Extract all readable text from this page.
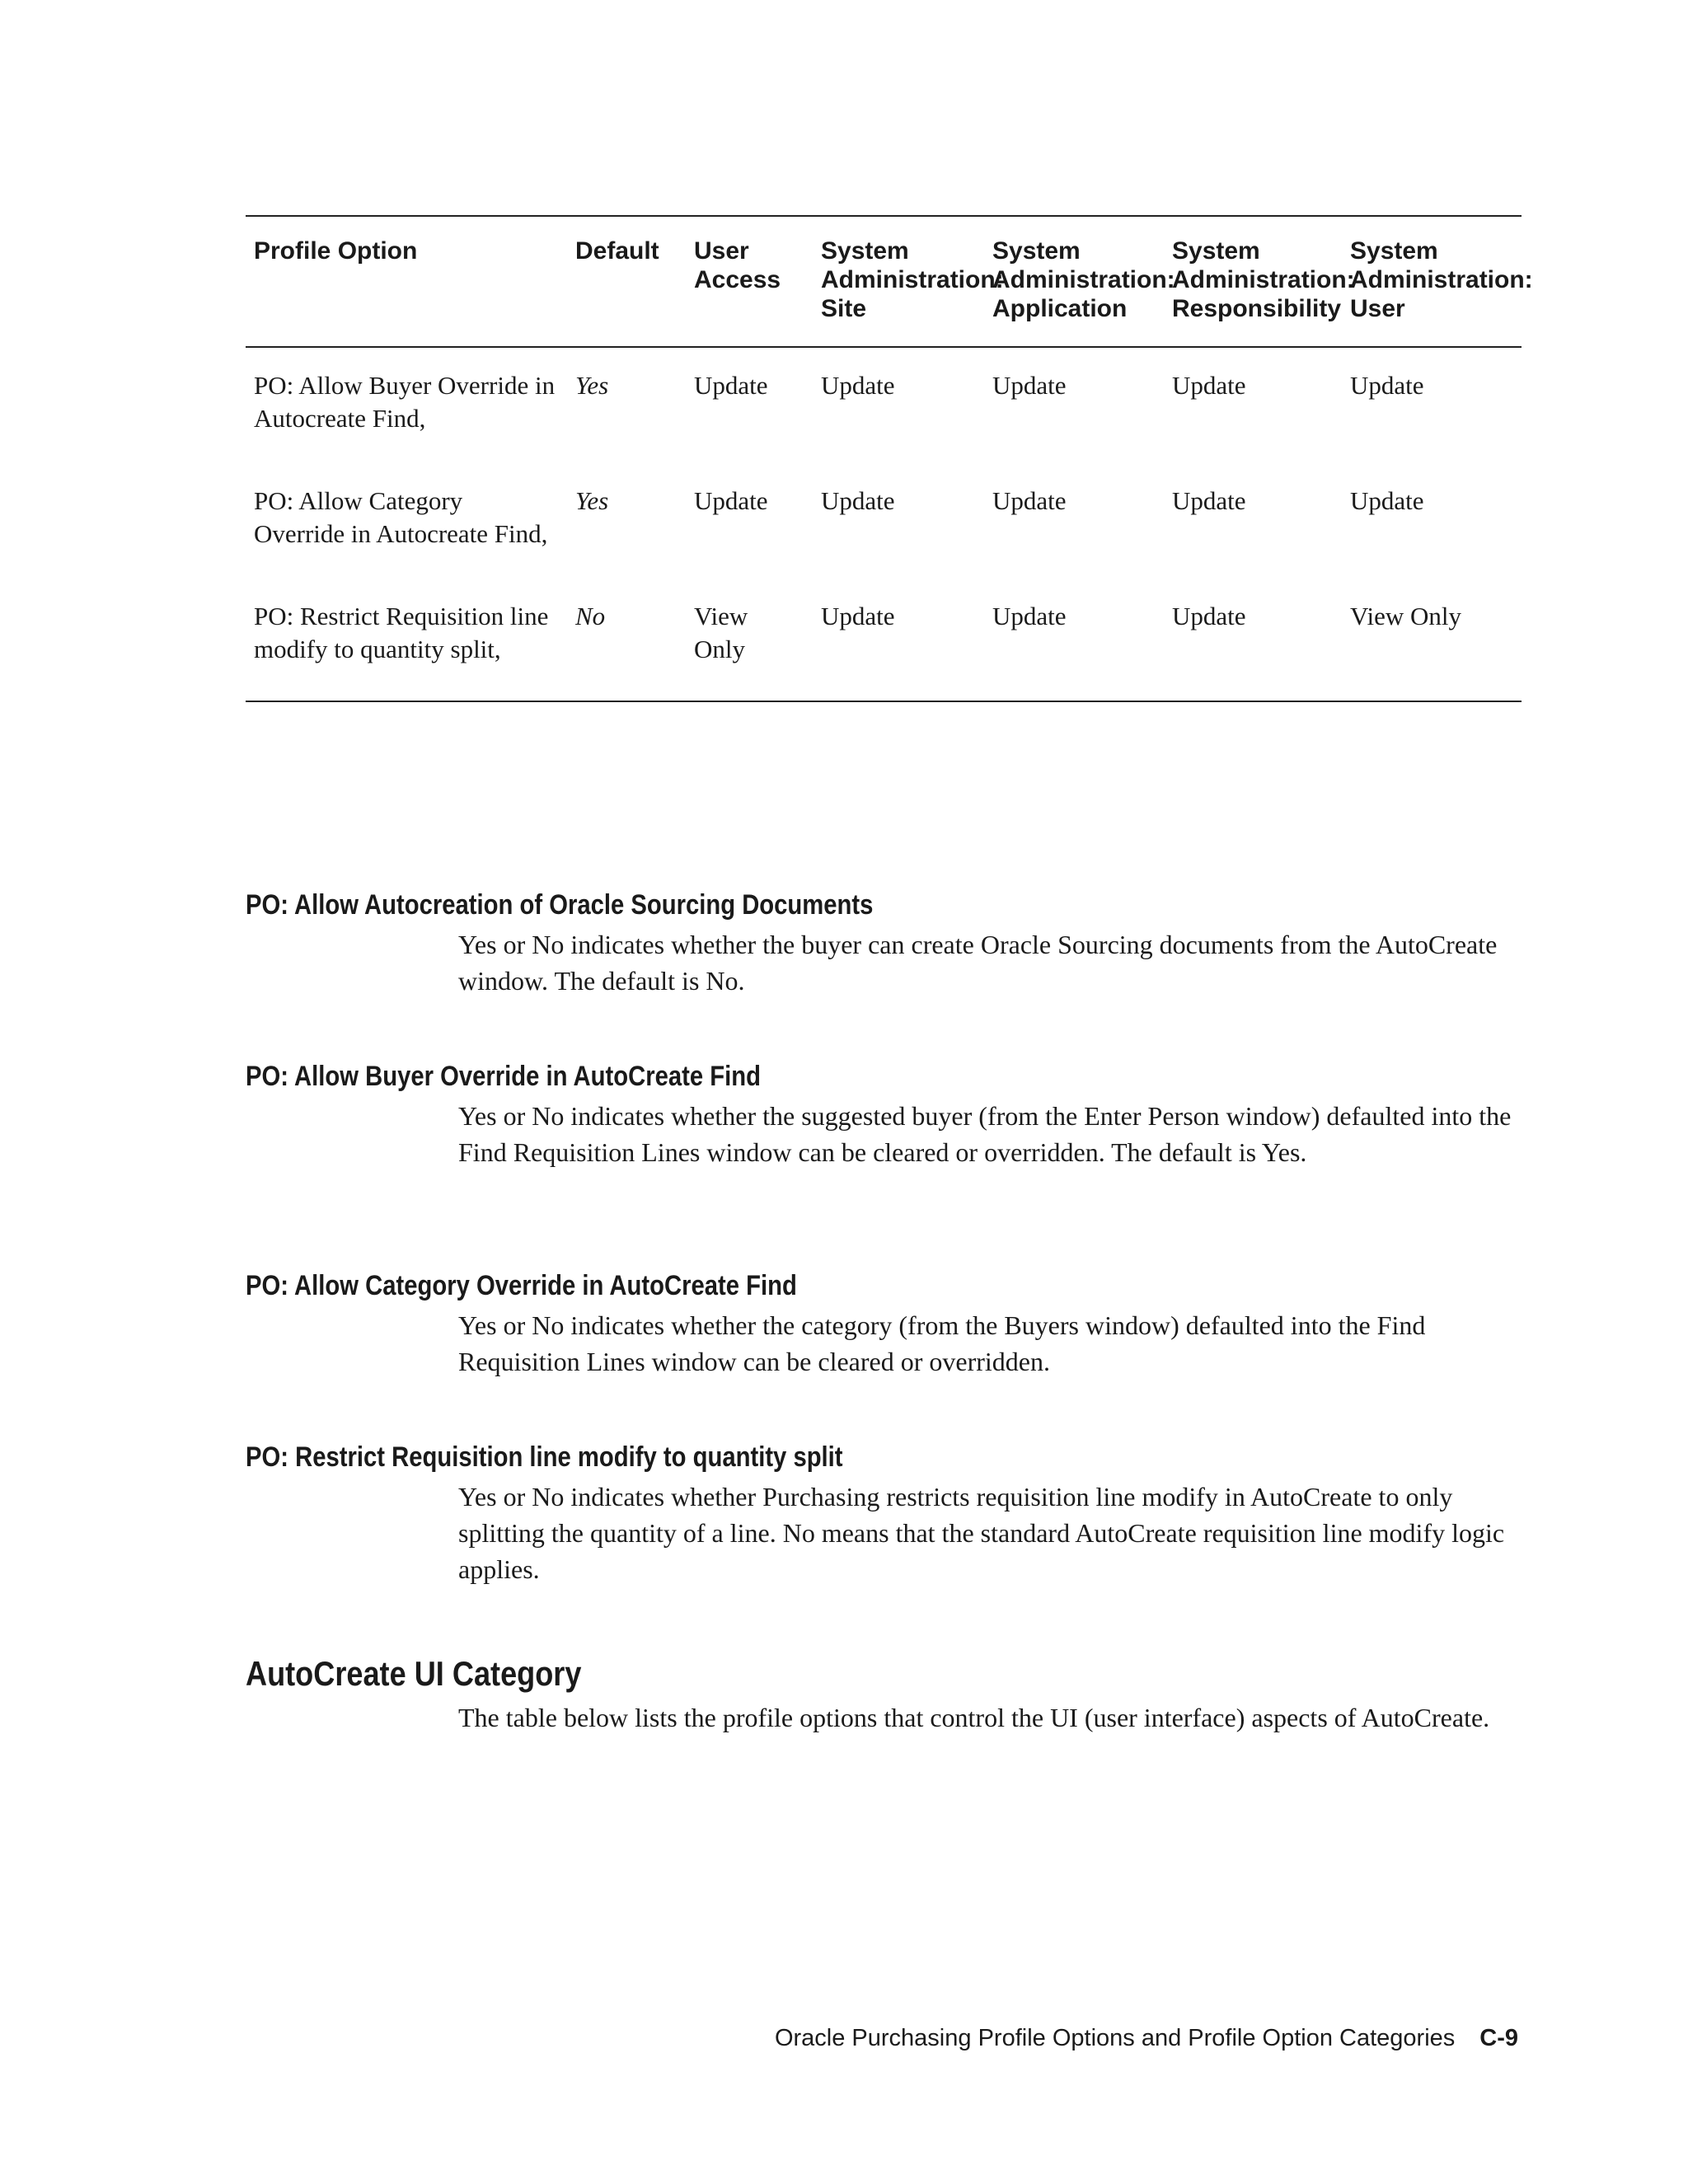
Profile Option	Default	User Access	System Administration: Site	System Administration: Application	System Administration: Responsibility	System Administration: User
PO: Allow Buyer Override in Autocreate Find,	Yes	Update	Update	Update	Update	Update
PO: Allow Category Override in Autocreate Find,	Yes	Update	Update	Update	Update	Update
PO: Restrict Requisition line modify to quantity split,	No	View Only	Update	Update	Update	View Only
PO: Allow Autocreation of Oracle Sourcing Documents

Yes or No indicates whether the buyer can create Oracle Sourcing documents from the AutoCreate window. The default is No.

PO: Allow Buyer Override in AutoCreate Find

Yes or No indicates whether the suggested buyer (from the Enter Person window) defaulted into the Find Requisition Lines window can be cleared or overridden. The default is Yes.

PO: Allow Category Override in AutoCreate Find

Yes or No indicates whether the category (from the Buyers window) defaulted into the Find Requisition Lines window can be cleared or overridden.

PO: Restrict Requisition line modify to quantity split

Yes or No indicates whether Purchasing restricts requisition line modify in AutoCreate to only splitting the quantity of a line. No means that the standard AutoCreate requisition line modify logic applies.

AutoCreate UI Category

The table below lists the profile options that control the UI (user interface) aspects of AutoCreate.

Oracle Purchasing Profile Options and Profile Option Categories C-9
